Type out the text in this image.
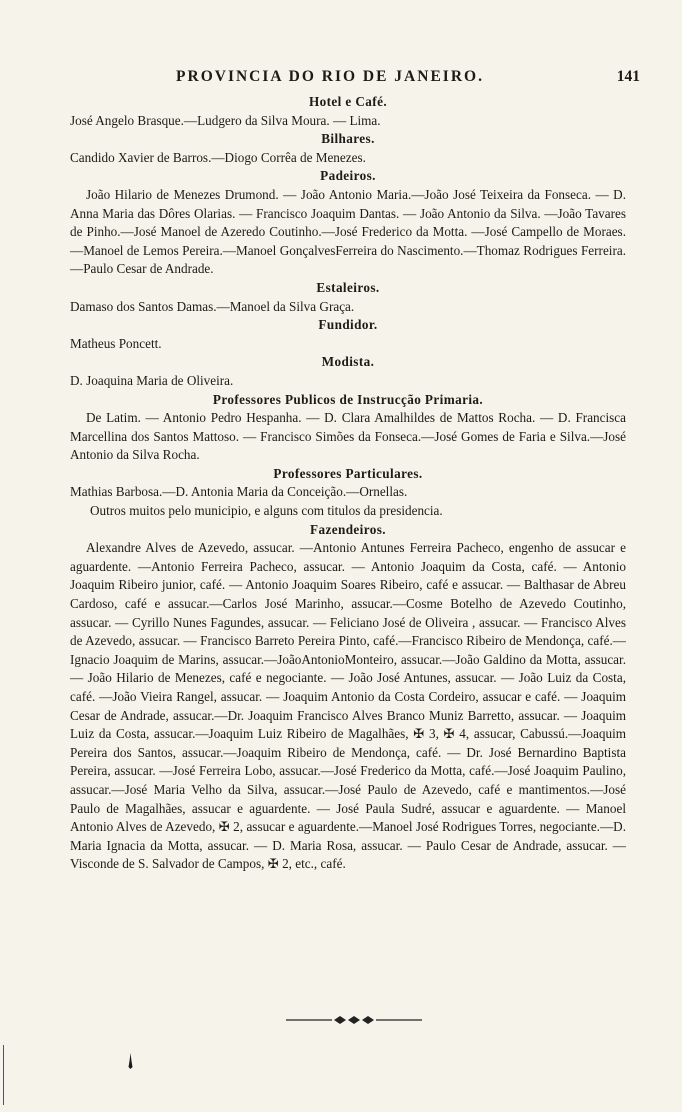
PROVINCIA DO RIO DE JANEIRO.	141
Hotel e Café.

José Angelo Brasque.—Ludgero da Silva Moura. — Lima.

Bilhares.

Candido Xavier de Barros.—Diogo Corrêa de Menezes.

Padeiros.

João Hilario de Menezes Drumond. — João Antonio Maria.—João José Teixeira da Fonseca. — D. Anna Maria das Dôres Olarias. — Francisco Joaquim Dantas. — João Antonio da Silva. —João Tavares de Pinho.—José Manoel de Azeredo Coutinho.—José Frederico da Motta. —José Campello de Moraes.—Manoel de Lemos Pereira.—Manoel GonçalvesFerreira do Nascimento.—Thomaz Rodrigues Ferreira.—Paulo Cesar de Andrade.

Estaleiros.

Damaso dos Santos Damas.—Manoel da Silva Graça.

Fundidor.

Matheus Poncett.

Modista.

D. Joaquina Maria de Oliveira.

Professores Publicos de Instrucção Primaria.

De Latim. — Antonio Pedro Hespanha. — D. Clara Amalhildes de Mattos Rocha. — D. Francisca Marcellina dos Santos Mattoso. — Francisco Simões da Fonseca.—José Gomes de Faria e Silva.—José Antonio da Silva Rocha.

Professores Particulares.

Mathias Barbosa.—D. Antonia Maria da Conceição.—Ornellas.

Outros muitos pelo municipio, e alguns com titulos da presidencia.

Fazendeiros.

Alexandre Alves de Azevedo, assucar. —Antonio Antunes Ferreira Pacheco, engenho de assucar e aguardente. —Antonio Ferreira Pacheco, assucar. — Antonio Joaquim da Costa, café. — Antonio Joaquim Ribeiro junior, café. — Antonio Joaquim Soares Ribeiro, café e assucar. — Balthasar de Abreu Cardoso, café e assucar.—Carlos José Marinho, assucar.—Cosme Botelho de Azevedo Coutinho, assucar. — Cyrillo Nunes Fagundes, assucar. — Feliciano José de Oliveira , assucar. — Francisco Alves de Azevedo, assucar. — Francisco Barreto Pereira Pinto, café.—Francisco Ribeiro de Mendonça, café.—Ignacio Joaquim de Marins, assucar.—JoãoAntonioMonteiro, assucar.—João Galdino da Motta, assucar. — João Hilario de Menezes, café e negociante. — João José Antunes, assucar. — João Luiz da Costa, café. —João Vieira Rangel, assucar. — Joaquim Antonio da Costa Cordeiro, assucar e café. — Joaquim Cesar de Andrade, assucar.—Dr. Joaquim Francisco Alves Branco Muniz Barretto, assucar. — Joaquim Luiz da Costa, assucar.—Joaquim Luiz Ribeiro de Magalhães, ✠ 3, ✠ 4, assucar, Cabussú.—Joaquim Pereira dos Santos, assucar.—Joaquim Ribeiro de Mendonça, café. — Dr. José Bernardino Baptista Pereira, assucar. —José Ferreira Lobo, assucar.—José Frederico da Motta, café.—José Joaquim Paulino, assucar.—José Maria Velho da Silva, assucar.—José Paulo de Azevedo, café e mantimentos.—José Paulo de Magalhães, assucar e aguardente. — José Paula Sudré, assucar e aguardente. — Manoel Antonio Alves de Azevedo, ✠ 2, assucar e aguardente.—Manoel José Rodrigues Torres, negociante.—D. Maria Ignacia da Motta, assucar. — D. Maria Rosa, assucar. — Paulo Cesar de Andrade, assucar. — Visconde de S. Salvador de Campos, ✠ 2, etc., café.
